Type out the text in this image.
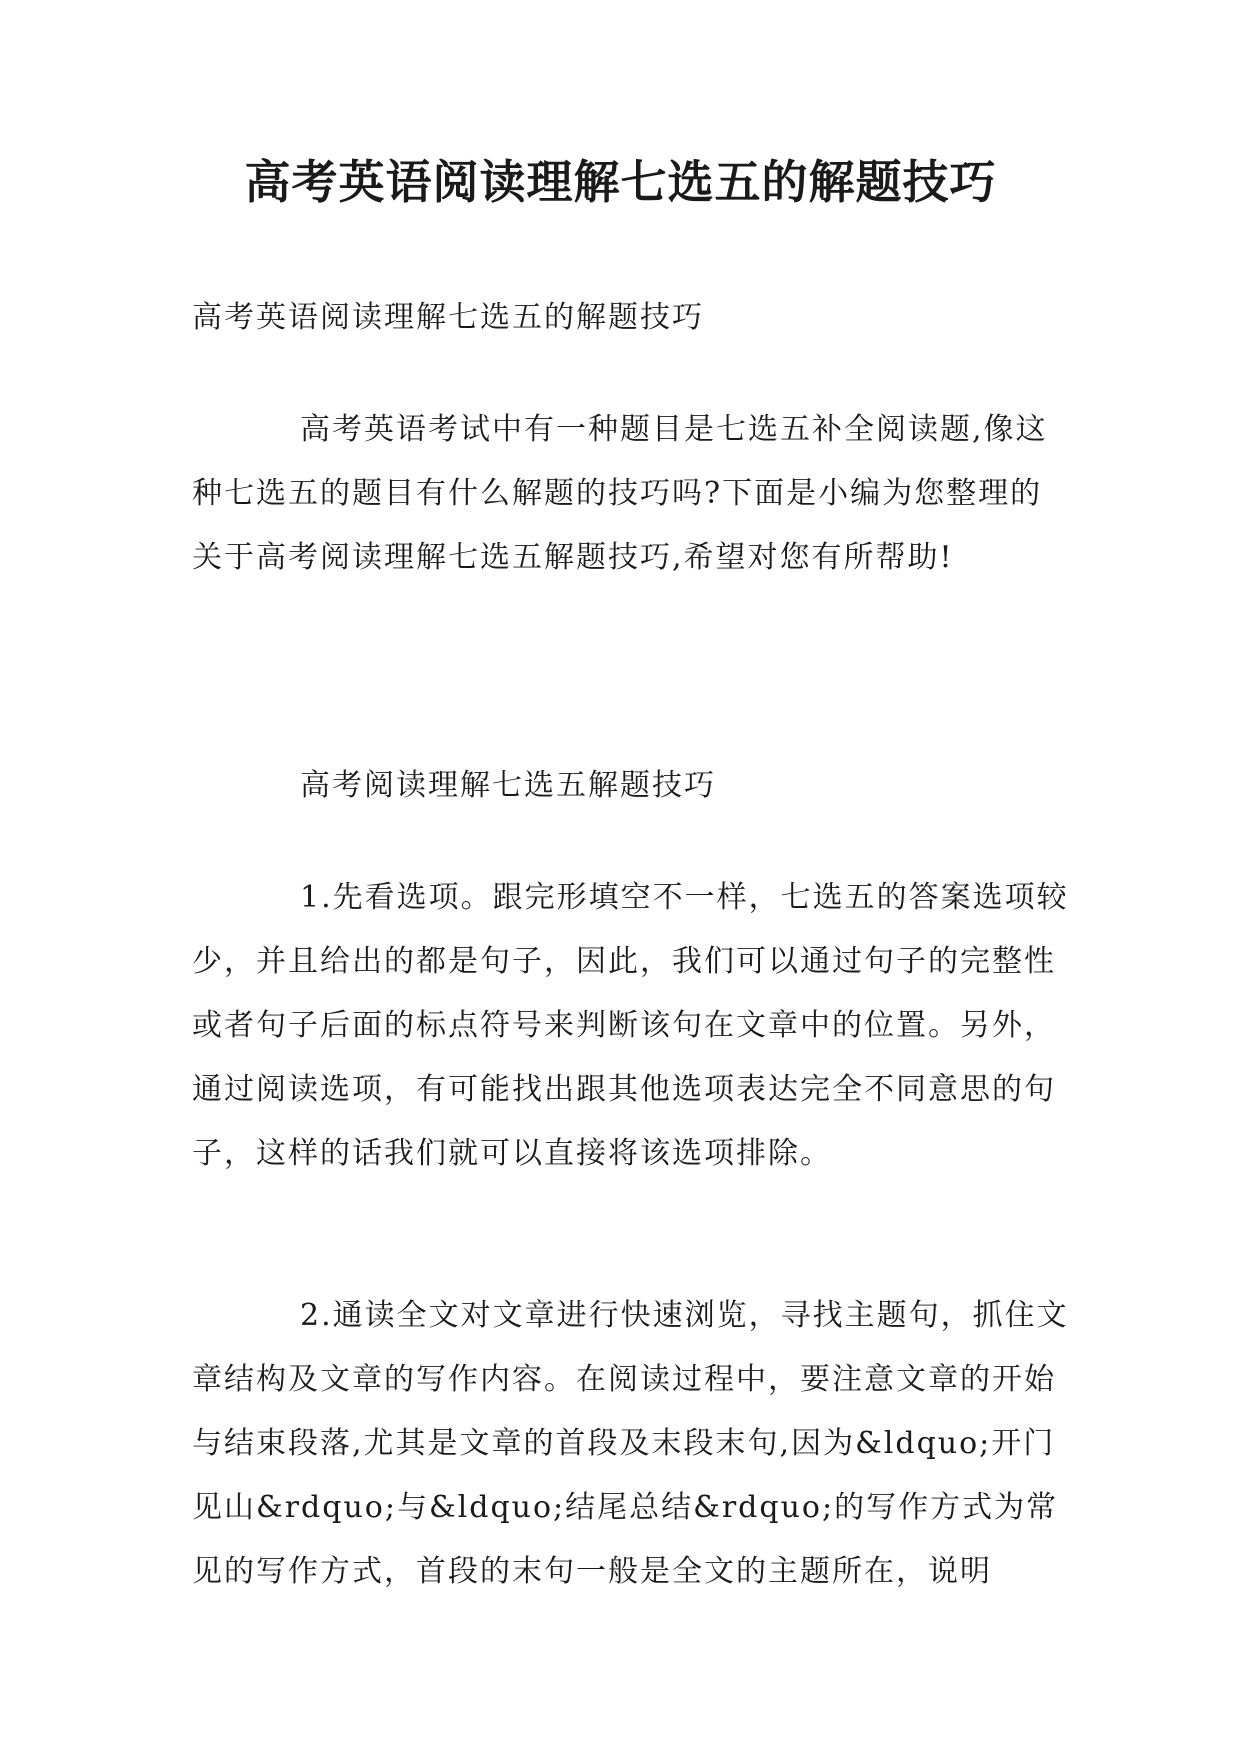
高考英语阅读理解七选五的解题技巧

高考英语阅读理解七选五的解题技巧

高考英语考试中有一种题目是七选五补全阅读题,像这种七选五的题目有什么解题的技巧吗?下面是小编为您整理的关于高考阅读理解七选五解题技巧,希望对您有所帮助!

高考阅读理解七选五解题技巧

1.先看选项。跟完形填空不一样，七选五的答案选项较少，并且给出的都是句子，因此，我们可以通过句子的完整性或者句子后面的标点符号来判断该句在文章中的位置。另外，通过阅读选项，有可能找出跟其他选项表达完全不同意思的句子，这样的话我们就可以直接将该选项排除。

2.通读全文对文章进行快速浏览，寻找主题句，抓住文章结构及文章的写作内容。在阅读过程中，要注意文章的开始与结束段落,尤其是文章的首段及末段末句,因为&ldquo;开门见山&rdquo;与&ldquo;结尾总结&rdquo;的写作方式为常见的写作方式，首段的末句一般是全文的主题所在，说明
